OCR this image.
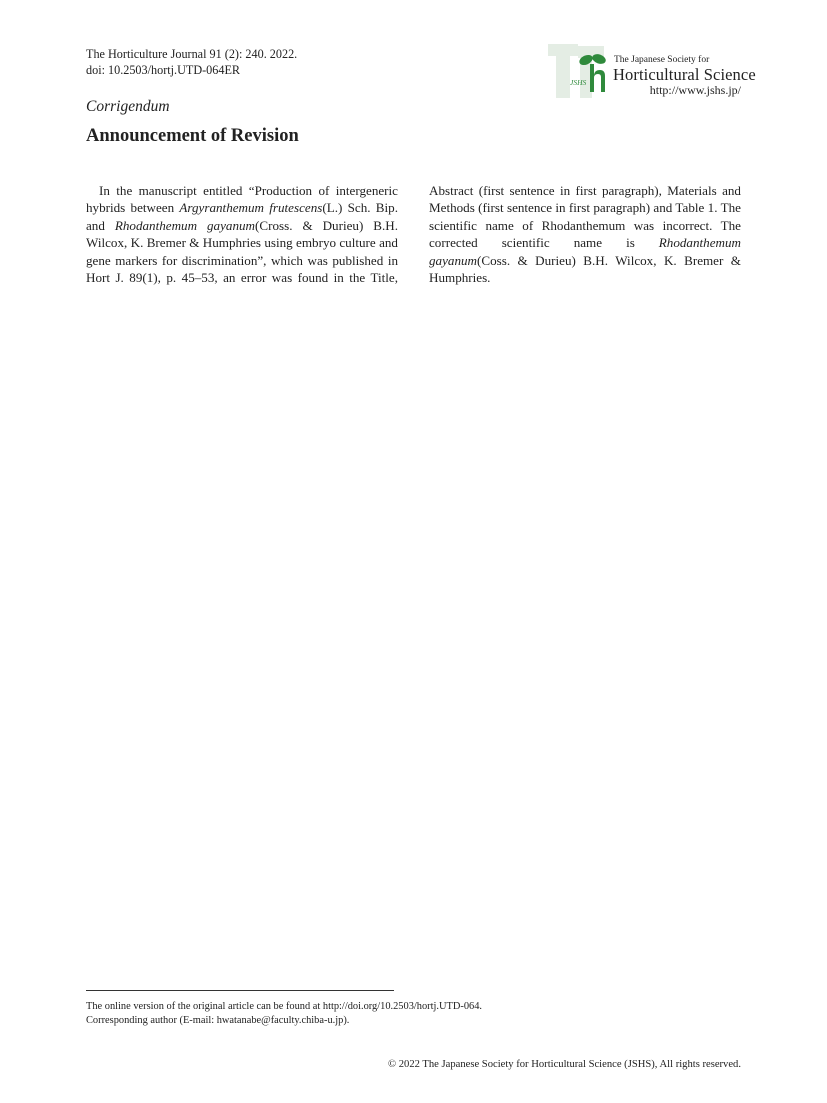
The Horticulture Journal 91 (2): 240. 2022.
doi: 10.2503/hortj.UTD-064ER
JSHS
The Japanese Society for
Horticultural Science
http://www.jshs.jp/
Corrigendum
Announcement of Revision

In the manuscript entitled “Production of intergeneric hybrids between Argyranthemum frutescens(L.) Sch. Bip. and Rhodanthemum gayanum(Cross. & Durieu) B.H. Wilcox, K. Bremer & Humphries using embryo culture and gene markers for discrimination”, which was published in Hort J. 89(1), p. 45–53, an error was found in the Title,

Abstract (first sentence in first paragraph), Materials and Methods (first sentence in first paragraph) and Table 1. The scientific name of Rhodanthemum was incorrect. The corrected scientific name is Rhodanthemum gayanum(Coss. & Durieu) B.H. Wilcox, K. Bremer & Humphries.

The online version of the original article can be found at http://doi.org/10.2503/hortj.UTD-064.
Corresponding author (E-mail: hwatanabe@faculty.chiba-u.jp).
© 2022 The Japanese Society for Horticultural Science (JSHS), All rights reserved.
